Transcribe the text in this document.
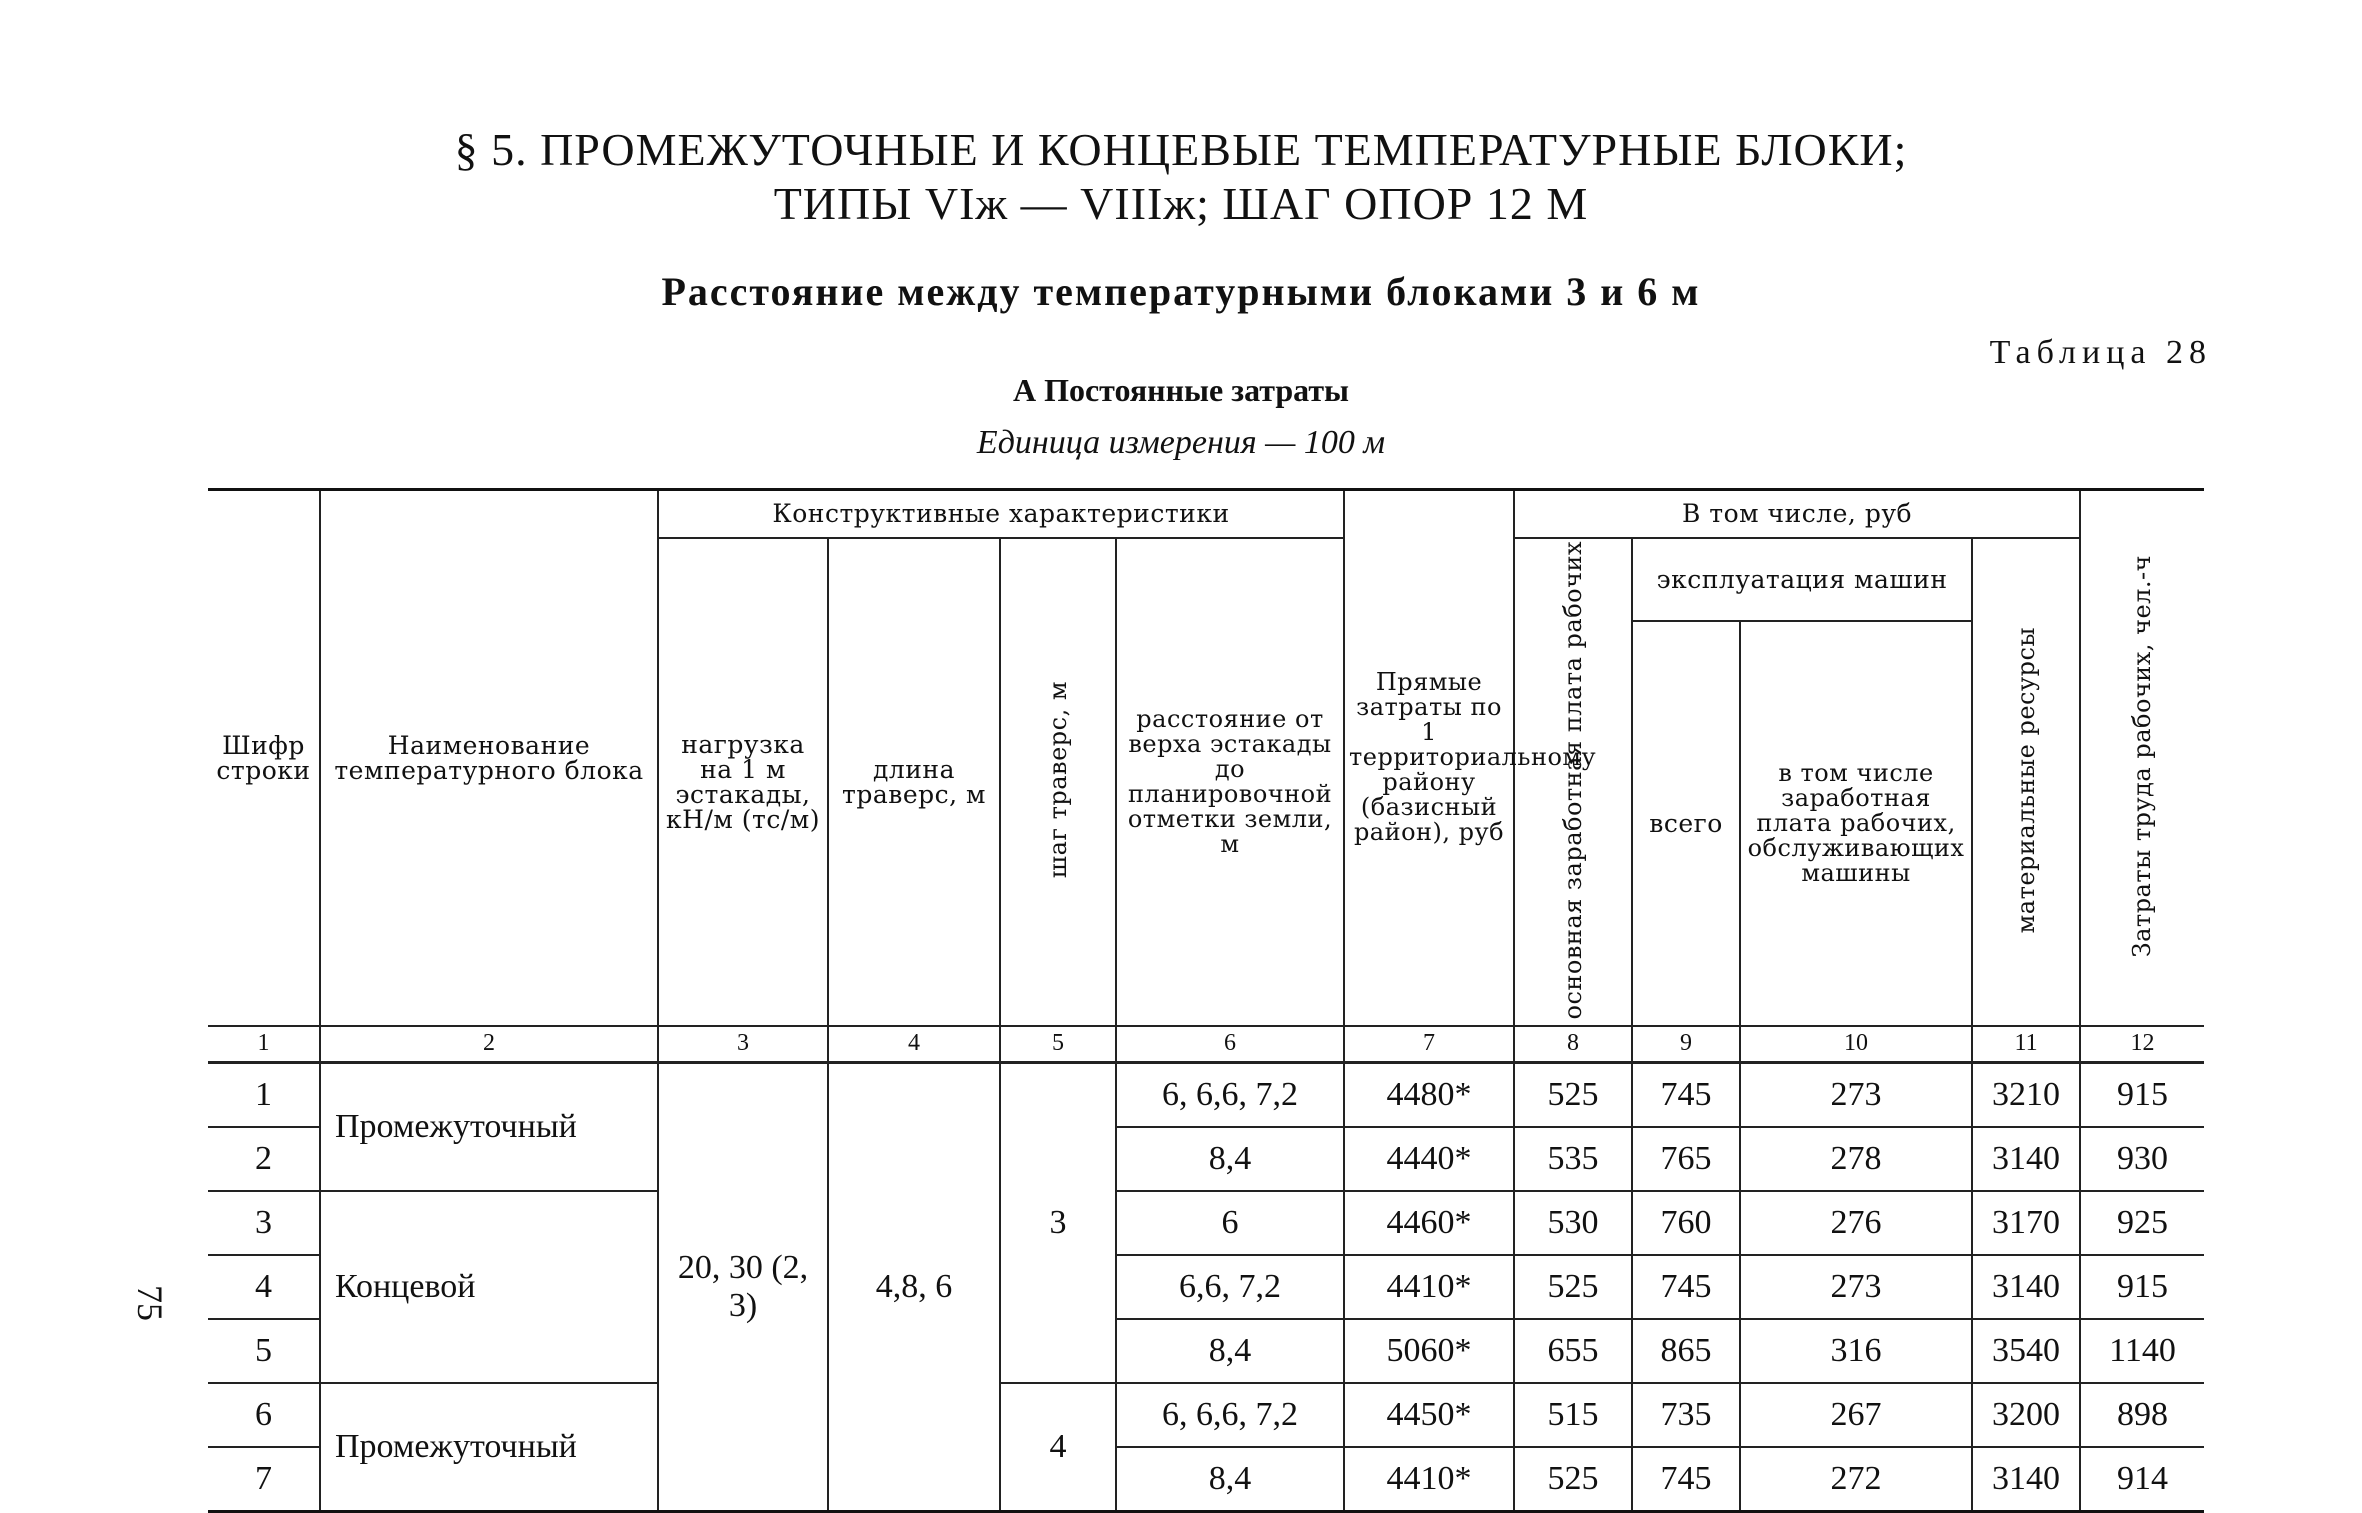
§ 5. ПРОМЕЖУТОЧНЫЕ И КОНЦЕВЫЕ ТЕМПЕРАТУРНЫЕ БЛОКИ;
ТИПЫ VIж — VIIIж; ШАГ ОПОР 12 М
Расстояние между температурными блоками 3 и 6 м
Таблица 28
А Постоянные затраты
Единица измерения — 100 м
75
Шифр строки	Наименование температурного блока	Конструктивные характеристики				Прямые затраты по 1 территориальному району (базисный район), руб	В том числе, руб				Затраты труда рабочих, чел.-ч
		нагрузка на 1 м эстакады, кН/м (тс/м)	длина траверс, м	шаг траверс, м	расстояние от верха эстакады до планировочной отметки земли, м		основная заработная плата рабочих	эксплуатация машин		материальные ресурсы	
								всего	в том числе заработная плата рабочих, обслуживающих машины		
1	2	3	4	5	6	7	8	9	10	11	12
1	Промежуточный	20, 30 (2, 3)	4,8, 6	3	6, 6,6, 7,2	4480*	525	745	273	3210	915
2					8,4	4440*	535	765	278	3140	930
3	Концевой				6	4460*	530	760	276	3170	925
4					6,6, 7,2	4410*	525	745	273	3140	915
5					8,4	5060*	655	865	316	3540	1140
6	Промежуточный			4	6, 6,6, 7,2	4450*	515	735	267	3200	898
7					8,4	4410*	525	745	272	3140	914
